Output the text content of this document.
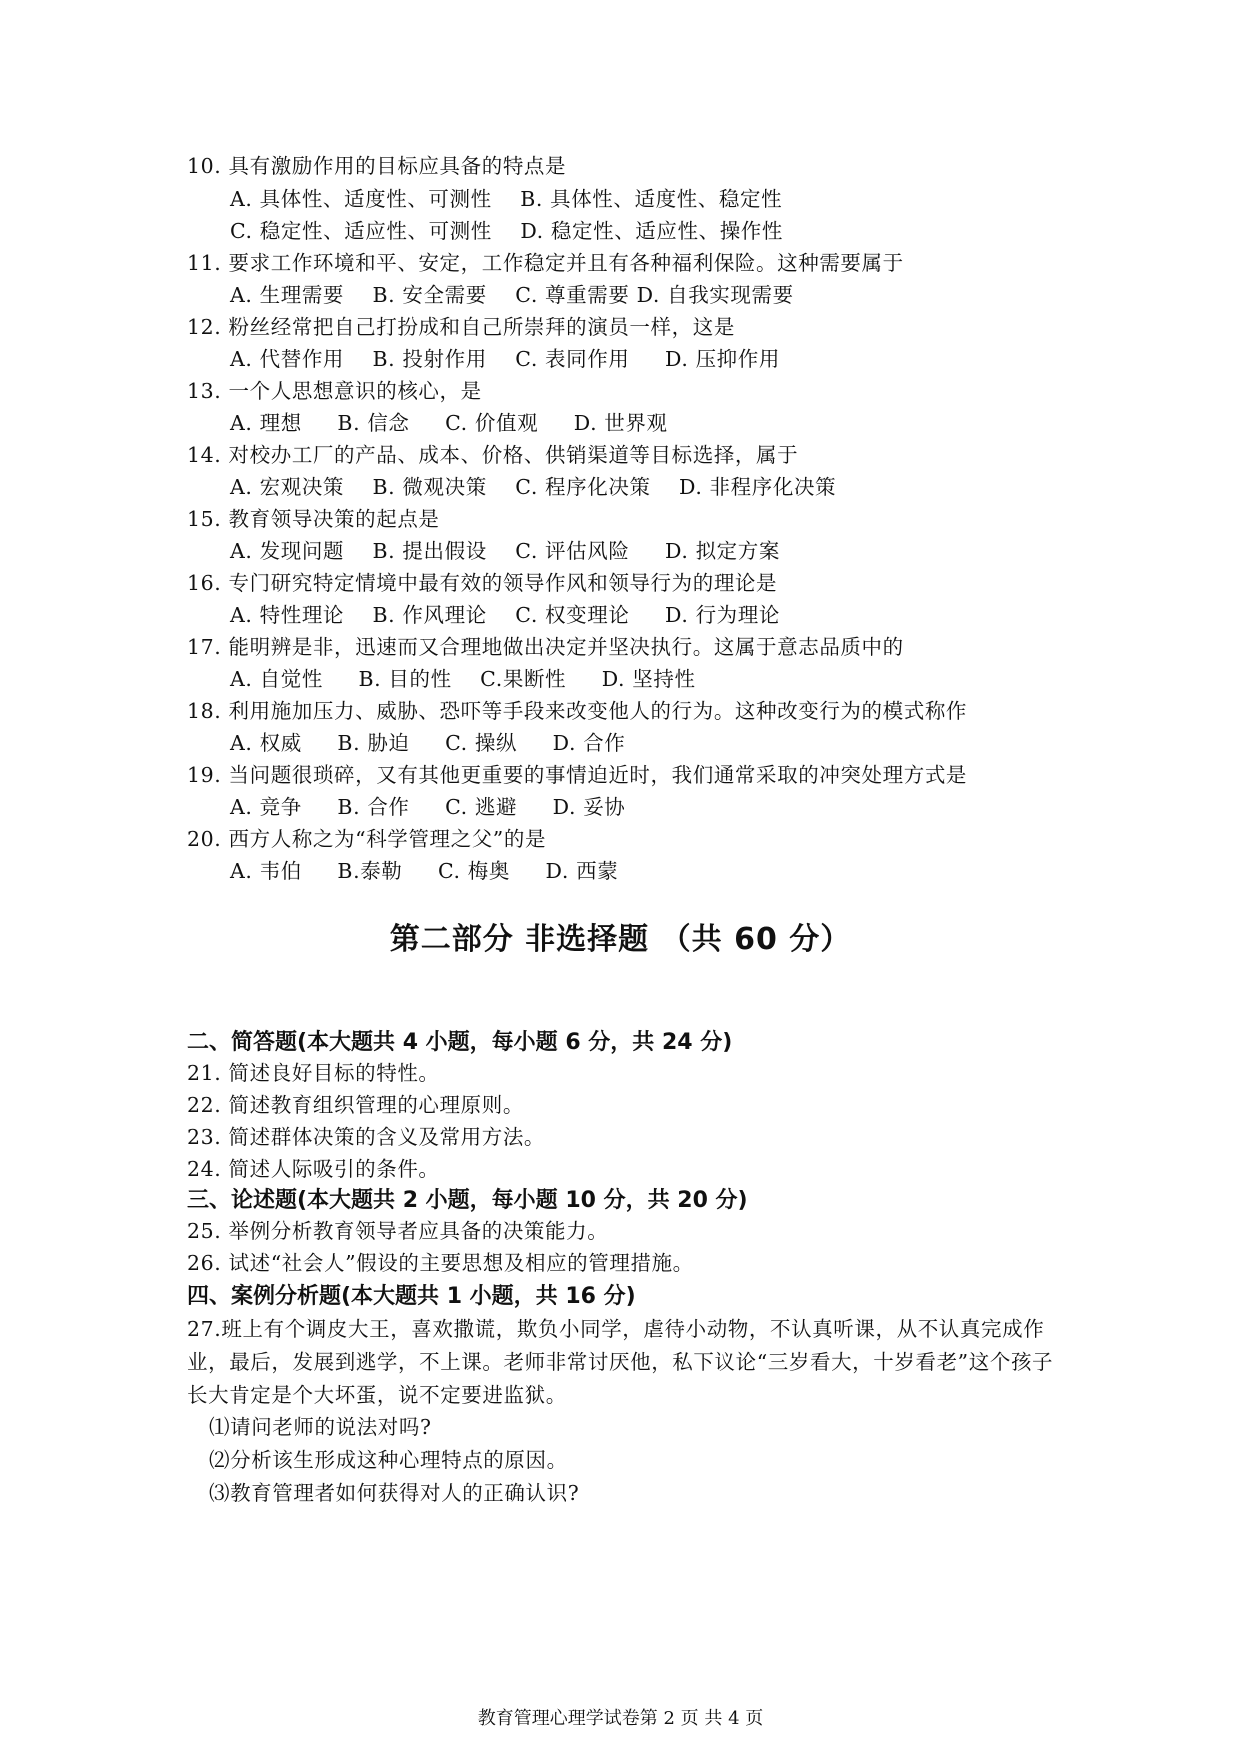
10. 具有激励作用的目标应具备的特点是
A. 具体性、适度性、可测性    B. 具体性、适度性、稳定性
C. 稳定性、适应性、可测性    D. 稳定性、适应性、操作性
11. 要求工作环境和平、安定，工作稳定并且有各种福利保险。这种需要属于
A. 生理需要    B. 安全需要    C. 尊重需要 D. 自我实现需要
12. 粉丝经常把自己打扮成和自己所崇拜的演员一样，这是
A. 代替作用    B. 投射作用    C. 表同作用     D. 压抑作用
13. 一个人思想意识的核心，是
A. 理想     B. 信念     C. 价值观     D. 世界观
14. 对校办工厂的产品、成本、价格、供销渠道等目标选择，属于
A. 宏观决策    B. 微观决策    C. 程序化决策    D. 非程序化决策
15. 教育领导决策的起点是
A. 发现问题    B. 提出假设    C. 评估风险     D. 拟定方案
16. 专门研究特定情境中最有效的领导作风和领导行为的理论是
A. 特性理论    B. 作风理论    C. 权变理论     D. 行为理论
17. 能明辨是非，迅速而又合理地做出决定并坚决执行。这属于意志品质中的
A. 自觉性     B. 目的性    C.果断性     D. 坚持性
18. 利用施加压力、威胁、恐吓等手段来改变他人的行为。这种改变行为的模式称作
A. 权威     B. 胁迫     C. 操纵     D. 合作
19. 当问题很琐碎，又有其他更重要的事情迫近时，我们通常采取的冲突处理方式是
A. 竞争     B. 合作     C. 逃避     D. 妥协
20. 西方人称之为“科学管理之父”的是
A. 韦伯     B.泰勒     C. 梅奥     D. 西蒙
第二部分 非选择题 （共 60 分）
二、简答题(本大题共 4 小题，每小题 6 分，共 24 分)
21. 简述良好目标的特性。
22. 简述教育组织管理的心理原则。
23. 简述群体决策的含义及常用方法。
24. 简述人际吸引的条件。
三、论述题(本大题共 2 小题，每小题 10 分，共 20 分)
25. 举例分析教育领导者应具备的决策能力。
26. 试述“社会人”假设的主要思想及相应的管理措施。
四、案例分析题(本大题共 1 小题，共 16 分)
27.班上有个调皮大王，喜欢撒谎，欺负小同学，虐待小动物，不认真听课，从不认真完成作业，最后，发展到逃学，不上课。老师非常讨厌他，私下议论“三岁看大，十岁看老”这个孩子长大肯定是个大坏蛋，说不定要进监狱。
⑴请问老师的说法对吗?
⑵分析该生形成这种心理特点的原因。
⑶教育管理者如何获得对人的正确认识?
教育管理心理学试卷第 2 页 共 4 页
